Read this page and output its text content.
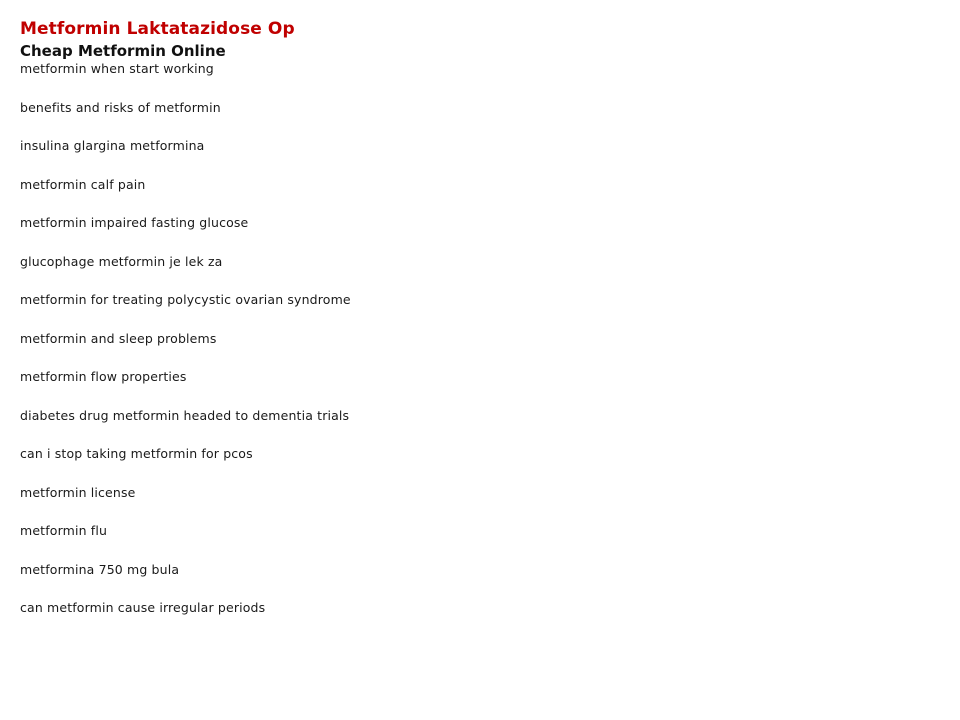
Metformin Laktatazidose Op
Cheap Metformin Online
metformin when start working
benefits and risks of metformin
insulina glargina metformina
metformin calf pain
metformin impaired fasting glucose
glucophage metformin je lek za
metformin for treating polycystic ovarian syndrome
metformin and sleep problems
metformin flow properties
diabetes drug metformin headed to dementia trials
can i stop taking metformin for pcos
metformin license
metformin flu
metformina 750 mg bula
can metformin cause irregular periods
